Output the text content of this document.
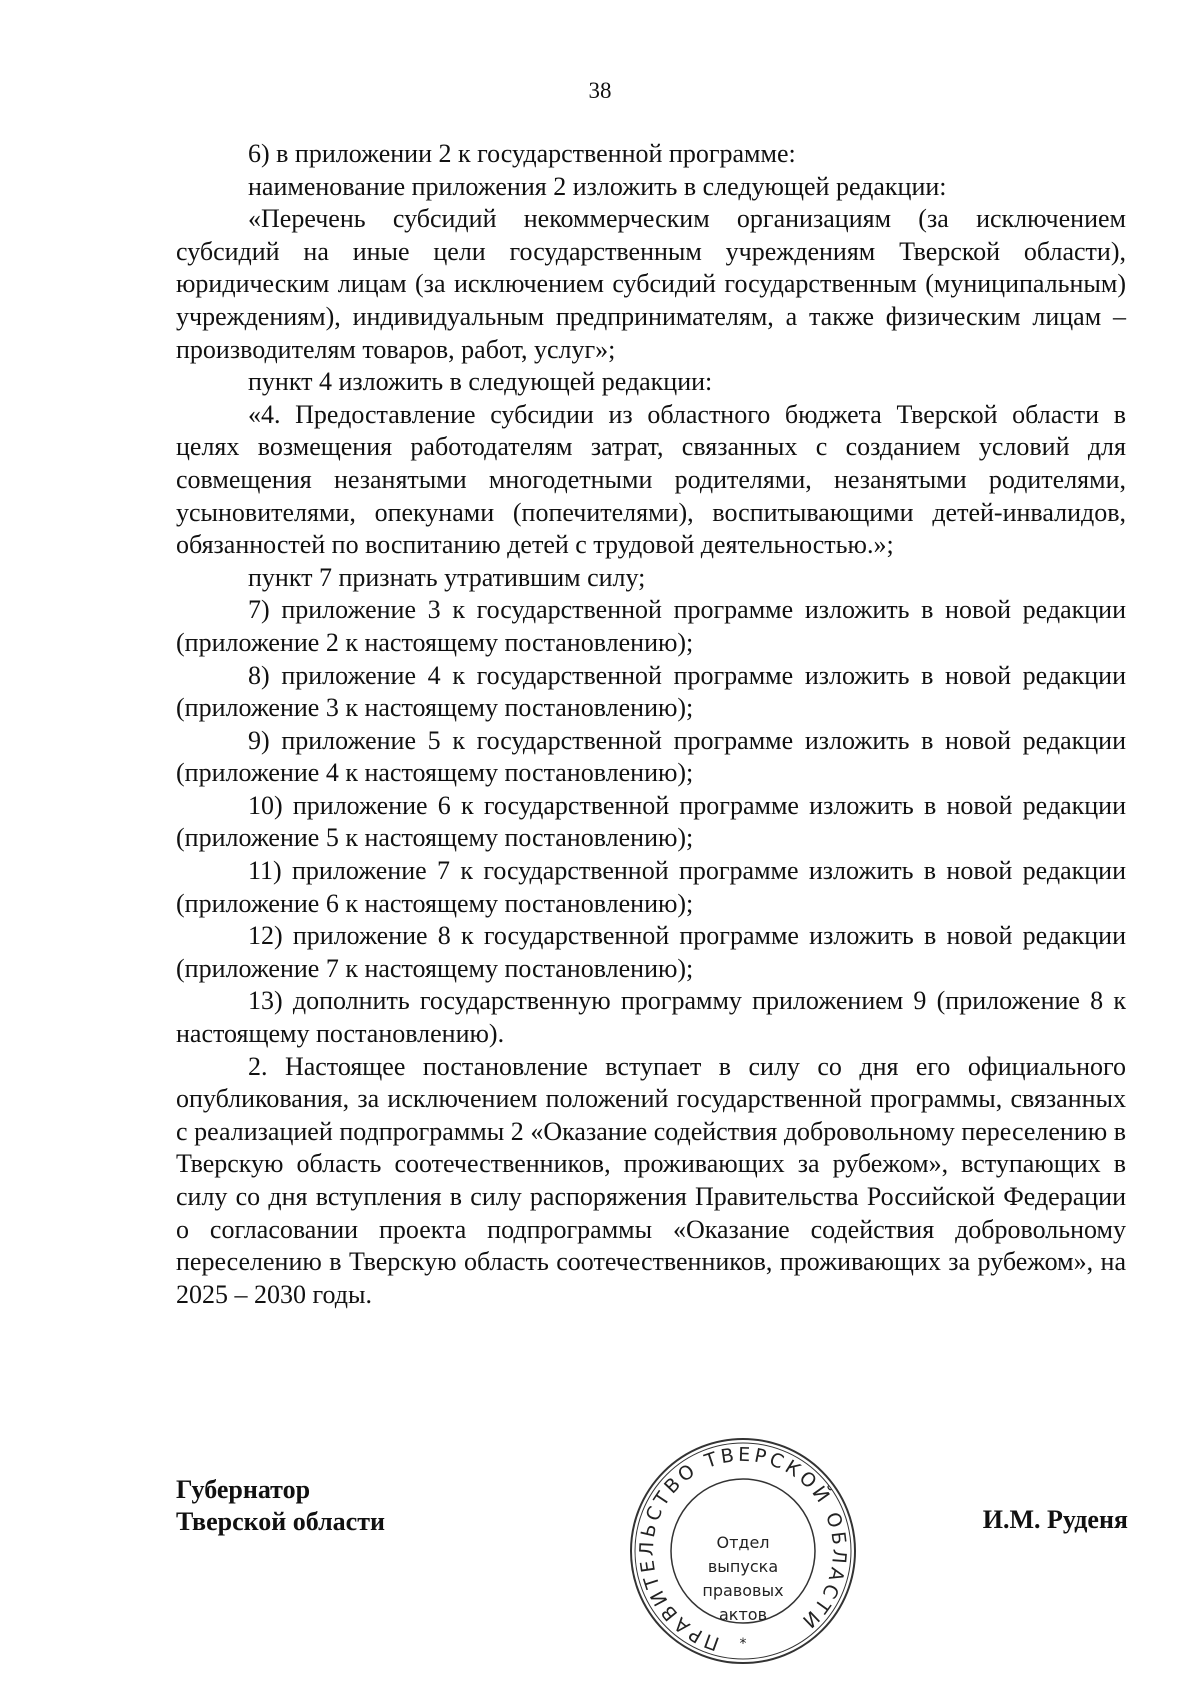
38

6) в приложении 2 к государственной программе:

наименование приложения 2 изложить в следующей редакции:

«Перечень субсидий некоммерческим организациям (за исключением субсидий на иные цели государственным учреждениям Тверской области), юридическим лицам (за исключением субсидий государственным (муниципальным) учреждениям), индивидуальным предпринимателям, а также физическим лицам – производителям товаров, работ, услуг»;

пункт 4 изложить в следующей редакции:

«4. Предоставление субсидии из областного бюджета Тверской области в целях возмещения работодателям затрат, связанных с созданием условий для совмещения незанятыми многодетными родителями, незанятыми родителями, усыновителями, опекунами (попечителями), воспитывающими детей-инвалидов, обязанностей по воспитанию детей с трудовой деятельностью.»;

пункт 7 признать утратившим силу;

7) приложение 3 к государственной программе изложить в новой редакции (приложение 2 к настоящему постановлению);

8) приложение 4 к государственной программе изложить в новой редакции (приложение 3 к настоящему постановлению);

9) приложение 5 к государственной программе изложить в новой редакции (приложение 4 к настоящему постановлению);

10) приложение 6 к государственной программе изложить в новой редакции (приложение 5 к настоящему постановлению);

11) приложение 7 к государственной программе изложить в новой редакции (приложение 6 к настоящему постановлению);

12) приложение 8 к государственной программе изложить в новой редакции (приложение 7 к настоящему постановлению);

13) дополнить государственную программу приложением 9 (приложение 8 к настоящему постановлению).

2. Настоящее постановление вступает в силу со дня его официального опубликования, за исключением положений государственной программы, связанных с реализацией подпрограммы 2 «Оказание содействия добровольному переселению в Тверскую область соотечественников, проживающих за рубежом», вступающих в силу со дня вступления в силу распоряжения Правительства Российской Федерации о согласовании проекта подпрограммы «Оказание содействия добровольному переселению в Тверскую область соотечественников, проживающих за рубежом», на 2025 – 2030 годы.

Губернатор
Тверской области	И.М. Руденя
ПРАВИТЕЛЬСТВО ТВЕРСКОЙ ОБЛАСТИ
*
Отдел
выпуска
правовых
актов
